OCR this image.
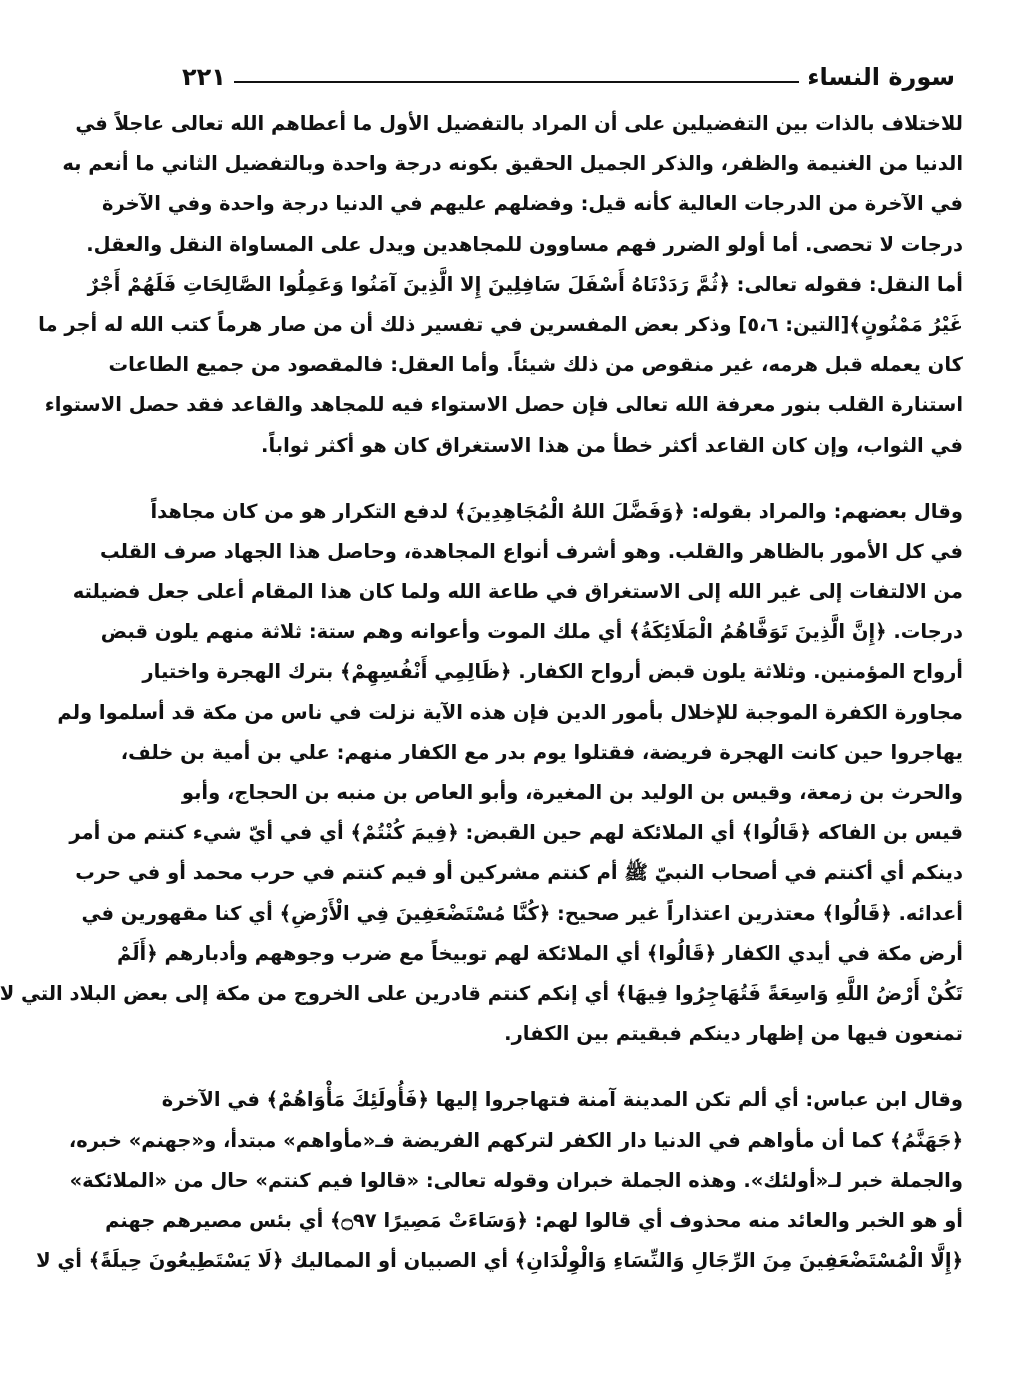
سورة النساء
٢٢١
للاختلاف بالذات بين التفضيلين على أن المراد بالتفضيل الأول ما أعطاهم الله تعالى عاجلاً في
الدنيا من الغنيمة والظفر، والذكر الجميل الحقيق بكونه درجة واحدة وبالتفضيل الثاني ما أنعم به
في الآخرة من الدرجات العالية كأنه قيل: وفضلهم عليهم في الدنيا درجة واحدة وفي الآخرة
درجات لا تحصى. أما أولو الضرر فهم مساوون للمجاهدين ويدل على المساواة النقل والعقل.
أما النقل: فقوله تعالى: ﴿ثُمَّ رَدَدْنَاهُ أَسْفَلَ سَافِلِينَ إِلا الَّذِينَ آمَنُوا وَعَمِلُوا الصَّالِحَاتِ فَلَهُمْ أَجْرٌ
غَيْرُ مَمْنُونٍ﴾[التين: ٥،٦] وذكر بعض المفسرين في تفسير ذلك أن من صار هرماً كتب الله له أجر ما
كان يعمله قبل هرمه، غير منقوص من ذلك شيئاً. وأما العقل: فالمقصود من جميع الطاعات
استنارة القلب بنور معرفة الله تعالى فإن حصل الاستواء فيه للمجاهد والقاعد فقد حصل الاستواء
في الثواب، وإن كان القاعد أكثر خطأ من هذا الاستغراق كان هو أكثر ثواباً.
وقال بعضهم: والمراد بقوله: ﴿وَفَضَّلَ اللهُ الْمُجَاهِدِينَ﴾ لدفع التكرار هو من كان مجاهداً
في كل الأمور بالظاهر والقلب. وهو أشرف أنواع المجاهدة، وحاصل هذا الجهاد صرف القلب
من الالتفات إلى غير الله إلى الاستغراق في طاعة الله ولما كان هذا المقام أعلى جعل فضيلته
درجات. ﴿إِنَّ الَّذِينَ تَوَفَّاهُمُ الْمَلَائِكَةُ﴾ أي ملك الموت وأعوانه وهم ستة: ثلاثة منهم يلون قبض
أرواح المؤمنين. وثلاثة يلون قبض أرواح الكفار. ﴿ظَالِمِي أَنْفُسِهِمْ﴾ بترك الهجرة واختيار
مجاورة الكفرة الموجبة للإخلال بأمور الدين فإن هذه الآية نزلت في ناس من مكة قد أسلموا ولم
يهاجروا حين كانت الهجرة فريضة، فقتلوا يوم بدر مع الكفار منهم: علي بن أمية بن خلف،
والحرث بن زمعة، وقيس بن الوليد بن المغيرة، وأبو العاص بن منبه بن الحجاج، وأبو
قيس بن الفاكه ﴿قَالُوا﴾ أي الملائكة لهم حين القبض: ﴿فِيمَ كُنْتُمْ﴾ أي في أيّ شيء كنتم من أمر
دينكم أي أكنتم في أصحاب النبيّ ﷺ أم كنتم مشركين أو فيم كنتم في حرب محمد أو في حرب
أعدائه. ﴿قَالُوا﴾ معتذرين اعتذاراً غير صحيح: ﴿كُنَّا مُسْتَضْعَفِينَ فِي الْأَرْضِ﴾ أي كنا مقهورين في
أرض مكة في أيدي الكفار ﴿قَالُوا﴾ أي الملائكة لهم توبيخاً مع ضرب وجوههم وأدبارهم ﴿أَلَمْ
تَكُنْ أَرْضُ اللَّهِ وَاسِعَةً فَتُهَاجِرُوا فِيهَا﴾ أي إنكم كنتم قادرين على الخروج من مكة إلى بعض البلاد التي لا
تمنعون فيها من إظهار دينكم فبقيتم بين الكفار.
وقال ابن عباس: أي ألم تكن المدينة آمنة فتهاجروا إليها ﴿فَأُولَئِكَ مَأْوَاهُمْ﴾ في الآخرة
﴿جَهَنَّمُ﴾ كما أن مأواهم في الدنيا دار الكفر لتركهم الفريضة فـ«مأواهم» مبتدأ، و«جهنم» خبره،
والجملة خبر لـ«أولئك». وهذه الجملة خبران وقوله تعالى: «قالوا فيم كنتم» حال من «الملائكة»
أو هو الخبر والعائد منه محذوف أي قالوا لهم: ﴿وَسَاءَتْ مَصِيرًا ۝٩٧﴾ أي بئس مصيرهم جهنم
﴿إِلَّا الْمُسْتَضْعَفِينَ مِنَ الرِّجَالِ وَالنِّسَاءِ وَالْوِلْدَانِ﴾ أي الصبيان أو المماليك ﴿لَا يَسْتَطِيعُونَ حِيلَةً﴾ أي لا
